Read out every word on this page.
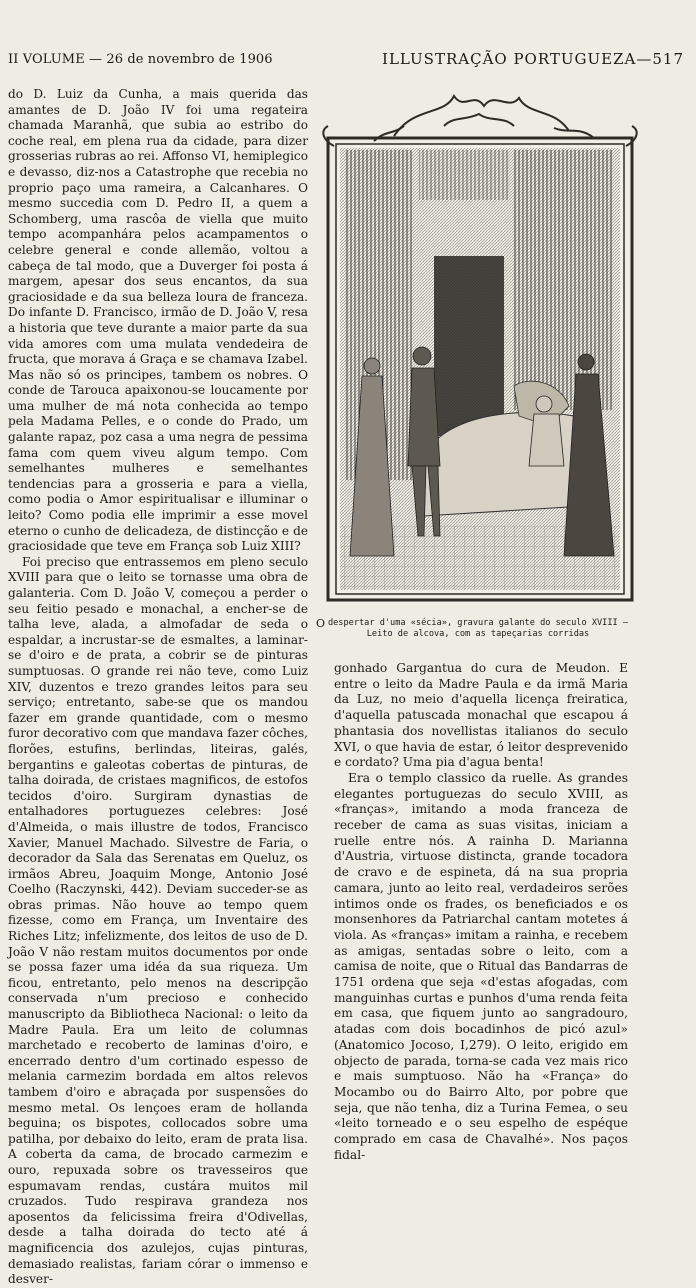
II VOLUME — 26 de novembro de 1906	ILLUSTRAÇÃO PORTUGUEZA—517

do D. Luiz da Cunha, a mais querida das amantes de D. João IV foi uma regateira chamada Maranhã, que subia ao estribo do coche real, em plena rua da cidade, para dizer grosserias rubras ao rei. Affonso VI, hemiplegico e devasso, diz-nos a Catastrophe que recebia no proprio paço uma rameira, a Calcanhares. O mesmo succedia com D. Pedro II, a quem a Schomberg, uma rascôa de viella que muito tempo acompanhára pelos acampamentos o celebre general e conde allemão, voltou a cabeça de tal modo, que a Duverger foi posta á margem, apesar dos seus encantos, da sua graciosidade e da sua belleza loura de franceza. Do infante D. Francisco, irmão de D. João V, resa a historia que teve durante a maior parte da sua vida amores com uma mulata vendedeira de fructa, que morava á Graça e se chamava Izabel. Mas não só os principes, tambem os nobres. O conde de Tarouca apaixonou-se loucamente por uma mulher de má nota conhecida ao tempo pela Madama Pelles, e o conde do Prado, um galante rapaz, poz casa a uma negra de pessima fama com quem viveu algum tempo. Com semelhantes mulheres e semelhantes tendencias para a grosseria e para a viella, como podia o Amor espiritualisar e illuminar o leito? Como podia elle imprimir a esse movel eterno o cunho de delicadeza, de distincção e de graciosidade que teve em França sob Luiz XIII?

Foi preciso que entrassemos em pleno seculo XVIII para que o leito se tornasse uma obra de galanteria. Com D. João V, começou a perder o seu feitio pesado e monachal, a encher-se de talha leve, alada, a almofadar de seda o espaldar, a incrustar-se de esmaltes, a laminar-se d'oiro e de prata, a cobrir se de pinturas sumptuosas. O grande rei não teve, como Luiz XIV, duzentos e trezo grandes leitos para seu serviço; entretanto, sabe-se que os mandou fazer em grande quantidade, com o mesmo furor decorativo com que mandava fazer côches, florões, estufins, berlindas, liteiras, galés, bergantins e galeotas cobertas de pinturas, de talha doirada, de cristaes magnificos, de estofos tecidos d'oiro. Surgiram dynastias de entalhadores portuguezes celebres: José d'Almeida, o mais illustre de todos, Francisco Xavier, Manuel Machado. Silvestre de Faria, o decorador da Sala das Serenatas em Queluz, os irmãos Abreu, Joaquim Monge, Antonio José Coelho (Raczynski, 442). Deviam succeder-se as obras primas. Não houve ao tempo quem fizesse, como em França, um Inventaire des Riches Litz; infelizmente, dos leitos de uso de D. João V não restam muitos documentos por onde se possa fazer uma idéa da sua riqueza. Um ficou, entretanto, pelo menos na descripção conservada n'um precioso e conhecido manuscripto da Bibliotheca Nacional: o leito da Madre Paula. Era um leito de columnas marchetado e recoberto de laminas d'oiro, e encerrado dentro d'um cortinado espesso de melania carmezim bordada em altos relevos tambem d'oiro e abraçada por suspensões do mesmo metal. Os lençoes eram de hollanda beguina; os bispotes, collocados sobre uma patilha, por debaixo do leito, eram de prata lisa. A coberta da cama, de brocado carmezim e ouro, repuxada sobre os travesseiros que espumavam rendas, custára muitos mil cruzados. Tudo respirava grandeza nos aposentos da felicissima freira d'Odivellas, desde a talha doirada do tecto até á magnificencia dos azulejos, cujas pinturas, demasiado realistas, fariam córar o immenso e desver-

O despertar d'uma «sécia», gravura galante do seculo XVIII —
Leito de alcova, com as tapeçarias corridas

gonhado Gargantua do cura de Meudon. E entre o leito da Madre Paula e da irmã Maria da Luz, no meio d'aquella licença freiratica, d'aquella patuscada monachal que escapou á phantasia dos novellistas italianos do seculo XVI, o que havia de estar, ó leitor desprevenido e cordato? Uma pia d'agua benta!

Era o templo classico da ruelle. As grandes elegantes portuguezas do seculo XVIII, as «franças», imitando a moda franceza de receber de cama as suas visitas, iniciam a ruelle entre nós. A rainha D. Marianna d'Austria, virtuose distincta, grande tocadora de cravo e de espineta, dá na sua propria camara, junto ao leito real, verdadeiros serões intimos onde os frades, os beneficiados e os monsenhores da Patriarchal cantam motetes á viola. As «franças» imitam a rainha, e recebem as amigas, sentadas sobre o leito, com a camisa de noite, que o Ritual das Bandarras de 1751 ordena que seja «d'estas afogadas, com manguinhas curtas e punhos d'uma renda feita em casa, que fiquem junto ao sangradouro, atadas com dois bocadinhos de picó azul» (Anatomico Jocoso, I,279). O leito, erigido em objecto de parada, torna-se cada vez mais rico e mais sumptuoso. Não ha «França» do Mocambo ou do Bairro Alto, por pobre que seja, que não tenha, diz a Turina Femea, o seu «leito torneado e o seu espelho de espéque comprado em casa de Chavalhé». Nos paços fidal-
